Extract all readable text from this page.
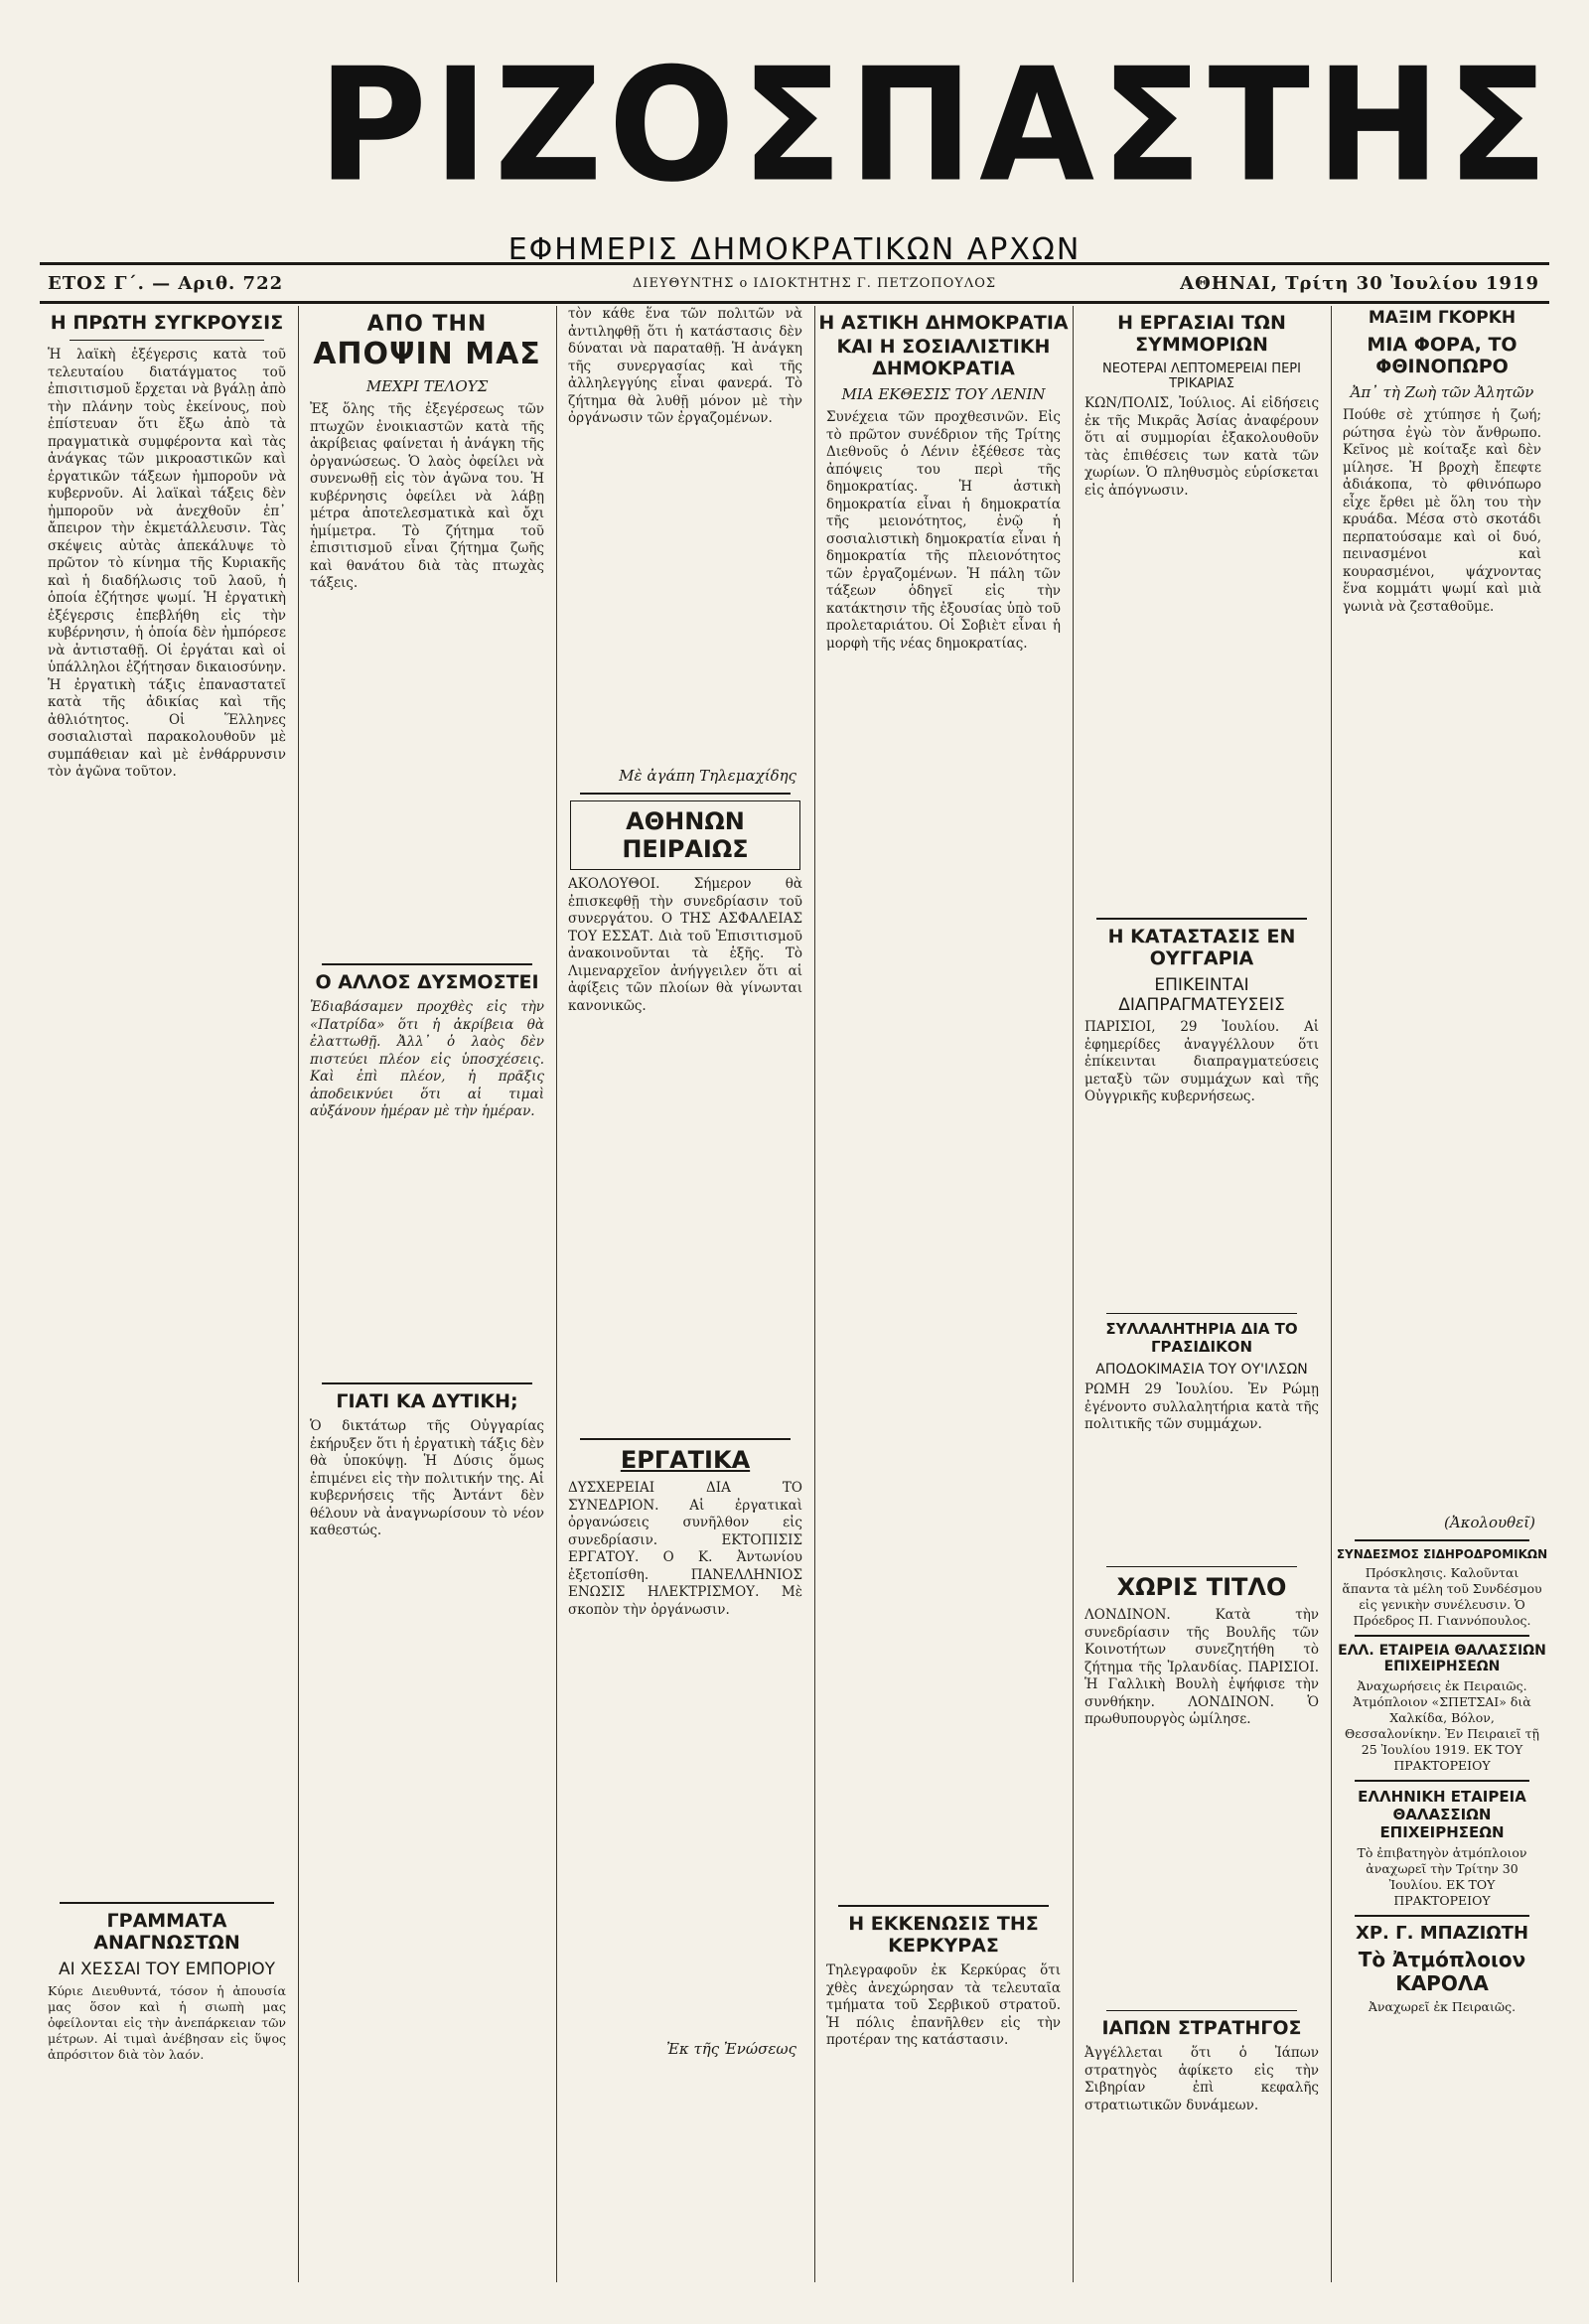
ΡΙΖΟΣΠΑΣΤΗΣ
ΕΦΗΜΕΡΙΣ ΔΗΜΟΚΡΑΤΙΚΩΝ ΑΡΧΩΝ
ΕΤΟΣ Γ΄. — Αριθ. 722	ΔΙΕΥΘΥΝΤΗΣ ο ΙΔΙΟΚΤΗΤΗΣ Γ. ΠΕΤΖΟΠΟΥΛΟΣ	ΑΘΗΝΑΙ, Τρίτη 30 Ἰουλίου 1919
Η ΠΡΩΤΗ ΣΥΓΚΡΟΥΣΙΣ
Ἡ λαϊκὴ ἐξέγερσις κατὰ τοῦ τελευταίου διατάγματος τοῦ ἐπισιτισμοῦ ἔρχεται νὰ βγάλῃ ἀπὸ τὴν πλάνην τοὺς ἐκείνους, ποὺ ἐπίστευαν ὅτι ἔξω ἀπὸ τὰ πραγματικὰ συμφέροντα καὶ τὰς ἀνάγκας τῶν μικροαστικῶν καὶ ἐργατικῶν τάξεων ἠμποροῦν νὰ κυβερνοῦν. Αἱ λαϊκαὶ τάξεις δὲν ἠμποροῦν νὰ ἀνεχθοῦν ἐπ᾽ ἄπειρον τὴν ἐκμετάλλευσιν. Τὰς σκέψεις αὐτὰς ἀπεκάλυψε τὸ πρῶτον τὸ κίνημα τῆς Κυριακῆς καὶ ἡ διαδήλωσις τοῦ λαοῦ, ἡ ὁποία ἐζήτησε ψωμί. Ἡ ἐργατικὴ ἐξέγερσις ἐπεβλήθη εἰς τὴν κυβέρνησιν, ἡ ὁποία δὲν ἠμπόρεσε νὰ ἀντισταθῇ. Οἱ ἐργάται καὶ οἱ ὑπάλληλοι ἐζήτησαν δικαιοσύνην. Ἡ ἐργατικὴ τάξις ἐπαναστατεῖ κατὰ τῆς ἀδικίας καὶ τῆς ἀθλιότητος. Οἱ Ἕλληνες σοσιαλισταὶ παρακολουθοῦν μὲ συμπάθειαν καὶ μὲ ἐνθάρρυνσιν τὸν ἀγῶνα τοῦτον.
ΓΡΑΜΜΑΤΑ ΑΝΑΓΝΩΣΤΩΝ
ΑΙ ΧΕΣΣΑΙ ΤΟΥ ΕΜΠΟΡΙΟΥ
Κύριε Διευθυντά, τόσον ἡ ἀπουσία μας ὅσον καὶ ἡ σιωπὴ μας ὀφείλονται εἰς τὴν ἀνεπάρκειαν τῶν μέτρων. Αἱ τιμαὶ ἀνέβησαν εἰς ὕψος ἀπρόσιτον διὰ τὸν λαόν.
ΑΠΟ ΤΗΝ
ΑΠΟΨΙΝ ΜΑΣ
ΜΕΧΡΙ ΤΕΛΟΥΣ
Ἐξ ὅλης τῆς ἐξεγέρσεως τῶν πτωχῶν ἐνοικιαστῶν κατὰ τῆς ἀκρίβειας φαίνεται ἡ ἀνάγκη τῆς ὀργανώσεως. Ὁ λαὸς ὀφείλει νὰ συνενωθῇ εἰς τὸν ἀγῶνα του. Ἡ κυβέρνησις ὀφείλει νὰ λάβῃ μέτρα ἀποτελεσματικὰ καὶ ὄχι ἡμίμετρα. Τὸ ζήτημα τοῦ ἐπισιτισμοῦ εἶναι ζήτημα ζωῆς καὶ θανάτου διὰ τὰς πτωχὰς τάξεις.
Ο ΑΛΛΟΣ ΔΥΣΜΟΣΤΕΙ
Ἐδιαβάσαμεν προχθὲς εἰς τὴν «Πατρίδα» ὅτι ἡ ἀκρίβεια θὰ ἐλαττωθῇ. Ἀλλ᾽ ὁ λαὸς δὲν πιστεύει πλέον εἰς ὑποσχέσεις. Καὶ ἐπὶ πλέον, ἡ πρᾶξις ἀποδεικνύει ὅτι αἱ τιμαὶ αὐξάνουν ἡμέραν μὲ τὴν ἡμέραν.
ΓΙΑΤΙ ΚΑ ΔΥΤΙΚΗ;
Ὁ δικτάτωρ τῆς Οὐγγαρίας ἐκήρυξεν ὅτι ἡ ἐργατικὴ τάξις δὲν θὰ ὑποκύψῃ. Ἡ Δύσις ὅμως ἐπιμένει εἰς τὴν πολιτικήν της. Αἱ κυβερνήσεις τῆς Ἀντάντ δὲν θέλουν νὰ ἀναγνωρίσουν τὸ νέον καθεστώς.
τὸν κάθε ἕνα τῶν πολιτῶν νὰ ἀντιληφθῇ ὅτι ἡ κατάστασις δὲν δύναται νὰ παραταθῇ. Ἡ ἀνάγκη τῆς συνεργασίας καὶ τῆς ἀλληλεγγύης εἶναι φανερά. Τὸ ζήτημα θὰ λυθῇ μόνον μὲ τὴν ὀργάνωσιν τῶν ἐργαζομένων.
Μὲ ἀγάπη Τηλεμαχίδης
ΑΘΗΝΩΝ ΠΕΙΡΑΙΩΣ
ΑΚΟΛΟΥΘΟΙ. Σήμερον θὰ ἐπισκεφθῇ τὴν συνεδρίασιν τοῦ συνεργάτου. Ο ΤΗΣ ΑΣΦΑΛΕΙΑΣ ΤΟΥ ΕΣΣΑΤ. Διὰ τοῦ Ἐπισιτισμοῦ ἀνακοινοῦνται τὰ ἑξῆς. Τὸ Λιμεναρχεῖον ἀνήγγειλεν ὅτι αἱ ἀφίξεις τῶν πλοίων θὰ γίνωνται κανονικῶς.
ΕΡΓΑΤΙΚΑ
ΔΥΣΧΕΡΕΙΑΙ ΔΙΑ ΤΟ ΣΥΝΕΔΡΙΟΝ. Αἱ ἐργατικαὶ ὀργανώσεις συνῆλθον εἰς συνεδρίασιν. ΕΚΤΟΠΙΣΙΣ ΕΡΓΑΤΟΥ. Ο Κ. Ἀντωνίου ἐξετοπίσθη. ΠΑΝΕΛΛΗΝΙΟΣ ΕΝΩΣΙΣ ΗΛΕΚΤΡΙΣΜΟΥ. Μὲ σκοπὸν τὴν ὀργάνωσιν.
Ἐκ τῆς Ἐνώσεως
Η ΑΣΤΙΚΗ ΔΗΜΟΚΡΑΤΙΑ
ΚΑΙ Η ΣΟΣΙΑΛΙΣΤΙΚΗ ΔΗΜΟΚΡΑΤΙΑ
ΜΙΑ ΕΚΘΕΣΙΣ ΤΟΥ ΛΕΝΙΝ
Συνέχεια τῶν προχθεσινῶν. Εἰς τὸ πρῶτον συνέδριον τῆς Τρίτης Διεθνοῦς ὁ Λένιν ἐξέθεσε τὰς ἀπόψεις του περὶ τῆς δημοκρατίας. Ἡ ἀστικὴ δημοκρατία εἶναι ἡ δημοκρατία τῆς μειονότητος, ἐνῷ ἡ σοσιαλιστικὴ δημοκρατία εἶναι ἡ δημοκρατία τῆς πλειονότητος τῶν ἐργαζομένων. Ἡ πάλη τῶν τάξεων ὁδηγεῖ εἰς τὴν κατάκτησιν τῆς ἐξουσίας ὑπὸ τοῦ προλεταριάτου. Οἱ Σοβιὲτ εἶναι ἡ μορφὴ τῆς νέας δημοκρατίας.
Η ΕΚΚΕΝΩΣΙΣ ΤΗΣ ΚΕΡΚΥΡΑΣ
Τηλεγραφοῦν ἐκ Κερκύρας ὅτι χθὲς ἀνεχώρησαν τὰ τελευταῖα τμήματα τοῦ Σερβικοῦ στρατοῦ. Ἡ πόλις ἐπανῆλθεν εἰς τὴν προτέραν της κατάστασιν.
Η ΕΡΓΑΣΙΑΙ ΤΩΝ ΣΥΜΜΟΡΙΩΝ
ΝΕΟΤΕΡΑΙ ΛΕΠΤΟΜΕΡΕΙΑΙ ΠΕΡΙ ΤΡΙΚΑΡΙΑΣ
ΚΩΝ/ΠΟΛΙΣ, Ἰούλιος. Αἱ εἰδήσεις ἐκ τῆς Μικρᾶς Ἀσίας ἀναφέρουν ὅτι αἱ συμμορίαι ἐξακολουθοῦν τὰς ἐπιθέσεις των κατὰ τῶν χωρίων. Ὁ πληθυσμὸς εὑρίσκεται εἰς ἀπόγνωσιν.
Η ΚΑΤΑΣΤΑΣΙΣ ΕΝ ΟΥΓΓΑΡΙΑ
ΕΠΙΚΕΙΝΤΑΙ ΔΙΑΠΡΑΓΜΑΤΕΥΣΕΙΣ
ΠΑΡΙΣΙΟΙ, 29 Ἰουλίου. Αἱ ἐφημερίδες ἀναγγέλλουν ὅτι ἐπίκεινται διαπραγματεύσεις μεταξὺ τῶν συμμάχων καὶ τῆς Οὐγγρικῆς κυβερνήσεως.
ΣΥΛΛΑΛΗΤΗΡΙΑ ΔΙΑ ΤΟ ΓΡΑΣΙΔΙΚΟΝ
ΑΠΟΔΟΚΙΜΑΣΙΑ ΤΟΥ ΟΥ'ΙΛΣΩΝ
ΡΩΜΗ 29 Ἰουλίου. Ἐν Ρώμῃ ἐγένοντο συλλαλητήρια κατὰ τῆς πολιτικῆς τῶν συμμάχων.
ΧΩΡΙΣ ΤΙΤΛΟ
ΛΟΝΔΙΝΟΝ. Κατὰ τὴν συνεδρίασιν τῆς Βουλῆς τῶν Κοινοτήτων συνεζητήθη τὸ ζήτημα τῆς Ἰρλανδίας. ΠΑΡΙΣΙΟΙ. Ἡ Γαλλικὴ Βουλὴ ἐψήφισε τὴν συνθήκην. ΛΟΝΔΙΝΟΝ. Ὁ πρωθυπουργὸς ὡμίλησε.
ΙΑΠΩΝ ΣΤΡΑΤΗΓΟΣ
Ἀγγέλλεται ὅτι ὁ Ἰάπων στρατηγὸς ἀφίκετο εἰς τὴν Σιβηρίαν ἐπὶ κεφαλῆς στρατιωτικῶν δυνάμεων.
ΜΑΞΙΜ ΓΚΟΡΚΗ
ΜΙΑ ΦΟΡΑ, ΤΟ ΦΘΙΝΟΠΩΡΟ
Ἀπ᾽ τὴ Ζωὴ τῶν Ἀλητῶν
Πούθε σὲ χτύπησε ἡ ζωή; ρώτησα ἐγὼ τὸν ἄνθρωπο. Κεῖνος μὲ κοίταξε καὶ δὲν μίλησε. Ἡ βροχὴ ἔπεφτε ἀδιάκοπα, τὸ φθινόπωρο εἶχε ἔρθει μὲ ὅλη του τὴν κρυάδα. Μέσα στὸ σκοτάδι περπατούσαμε καὶ οἱ δυό, πεινασμένοι καὶ κουρασμένοι, ψάχνοντας ἕνα κομμάτι ψωμί καὶ μιὰ γωνιὰ νὰ ζεσταθοῦμε.
(Ἀκολουθεῖ)
ΣΥΝΔΕΣΜΟΣ ΣΙΔΗΡΟΔΡΟΜΙΚΩΝ
Πρόσκλησις. Καλοῦνται ἅπαντα τὰ μέλη τοῦ Συνδέσμου εἰς γενικὴν συνέλευσιν. Ὁ Πρόεδρος Π. Γιαννόπουλος.
ΕΛΛ. ΕΤΑΙΡΕΙΑ ΘΑΛΑΣΣΙΩΝ ΕΠΙΧΕΙΡΗΣΕΩΝ
Ἀναχωρήσεις ἐκ Πειραιῶς. Ἀτμόπλοιον «ΣΠΕΤΣΑΙ» διὰ Χαλκίδα, Βόλον, Θεσσαλονίκην. Ἐν Πειραιεῖ τῇ 25 Ἰουλίου 1919. ΕΚ ΤΟΥ ΠΡΑΚΤΟΡΕΙΟΥ
ΕΛΛΗΝΙΚΗ ΕΤΑΙΡΕΙΑ ΘΑΛΑΣΣΙΩΝ ΕΠΙΧΕΙΡΗΣΕΩΝ
Τὸ ἐπιβατηγὸν ἀτμόπλοιον ἀναχωρεῖ τὴν Τρίτην 30 Ἰουλίου. ΕΚ ΤΟΥ ΠΡΑΚΤΟΡΕΙΟΥ
ΧΡ. Γ. ΜΠΑΖΙΩΤΗ
Τὸ Ἀτμόπλοιον ΚΑΡΟΛΑ
Ἀναχωρεῖ ἐκ Πειραιῶς.
